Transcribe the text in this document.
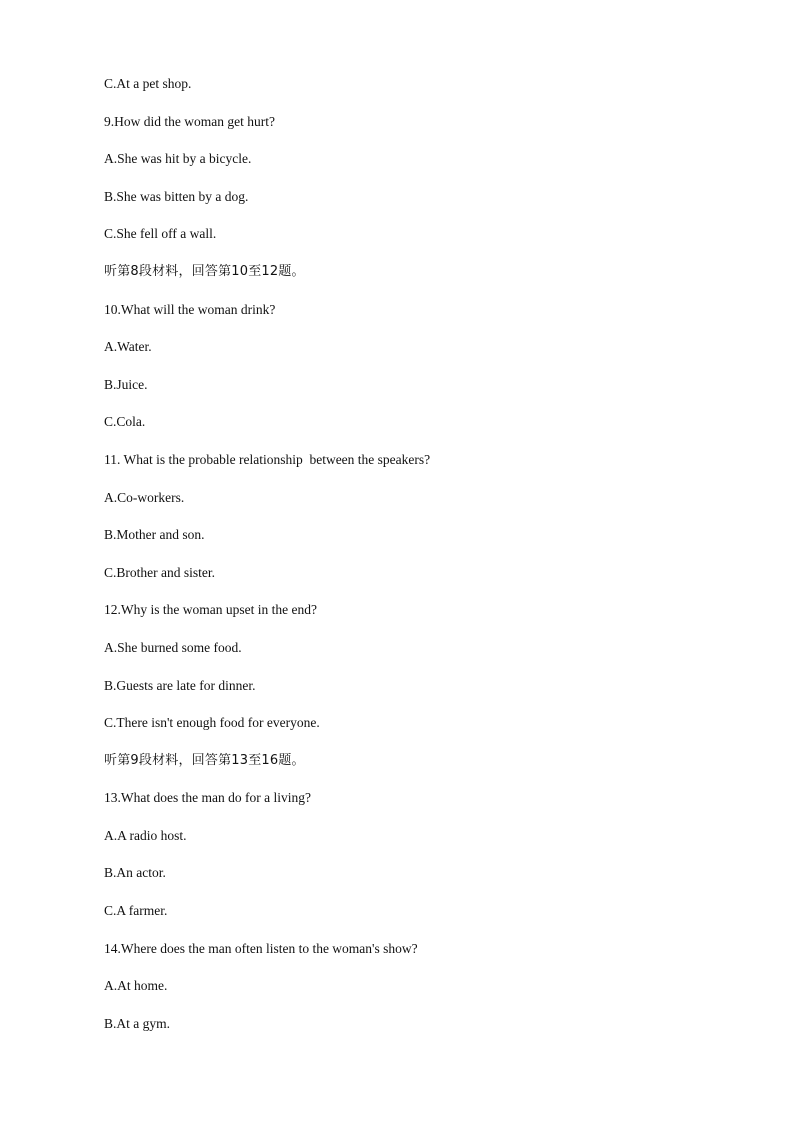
C.At a pet shop.
9.How did the woman get hurt?
A.She was hit by a bicycle.
B.She was bitten by a dog.
C.She fell off a wall.
听第8段材料，回答第10至12题。
10.What will the woman drink?
A.Water.
B.Juice.
C.Cola.
11. What is the probable relationship  between the speakers?
A.Co-workers.
B.Mother and son.
C.Brother and sister.
12.Why is the woman upset in the end?
A.She burned some food.
B.Guests are late for dinner.
C.There isn't enough food for everyone.
听第9段材料，回答第13至16题。
13.What does the man do for a living?
A.A radio host.
B.An actor.
C.A farmer.
14.Where does the man often listen to the woman's show?
A.At home.
B.At a gym.
